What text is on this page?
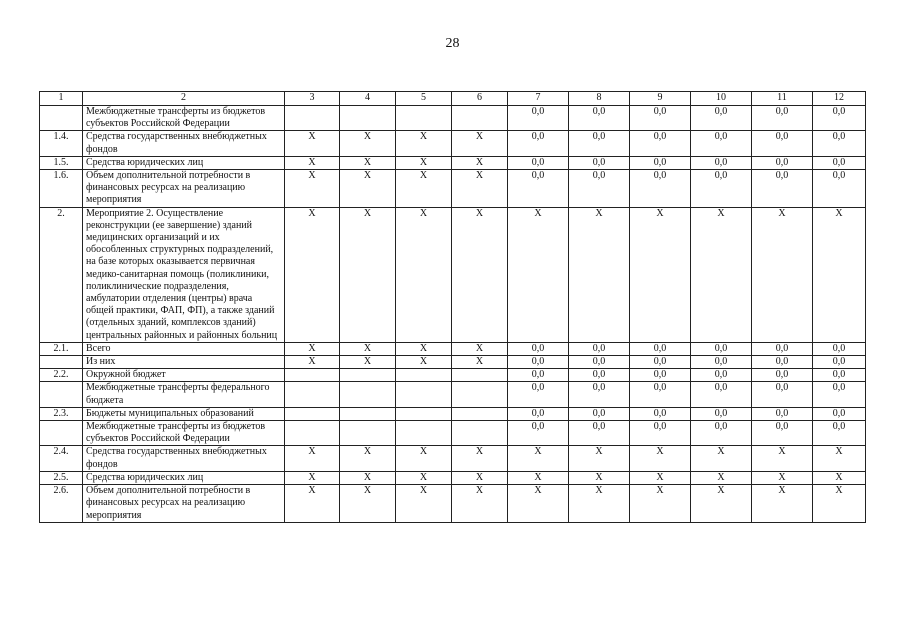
28
1	2	3	4	5	6	7	8	9	10	11	12
	Межбюджетные трансферты из бюджетов субъектов Российской Федерации					0,0	0,0	0,0	0,0	0,0	0,0
1.4.	Средства государственных внебюджетных фондов	Х	Х	Х	Х	0,0	0,0	0,0	0,0	0,0	0,0
1.5.	Средства юридических лиц	Х	Х	Х	Х	0,0	0,0	0,0	0,0	0,0	0,0
1.6.	Объем дополнительной потребности в финансовых ресурсах на реализацию мероприятия	Х	Х	Х	Х	0,0	0,0	0,0	0,0	0,0	0,0
2.	Мероприятие 2. Осуществление реконструкции (ее завершение) зданий медицинских организаций и их обособленных структурных подразделений, на базе которых оказывается первичная медико-санитарная помощь (поликлиники, поликлинические подразделения, амбулатории отделения (центры) врача общей практики, ФАП, ФП), а также зданий (отдельных зданий, комплексов зданий) центральных районных и районных больниц	Х	Х	Х	Х	Х	Х	Х	Х	Х	Х
2.1.	Всего	Х	Х	Х	Х	0,0	0,0	0,0	0,0	0,0	0,0
	Из них	Х	Х	Х	Х	0,0	0,0	0,0	0,0	0,0	0,0
2.2.	Окружной бюджет					0,0	0,0	0,0	0,0	0,0	0,0
	Межбюджетные трансферты федерального бюджета					0,0	0,0	0,0	0,0	0,0	0,0
2.3.	Бюджеты муниципальных образований					0,0	0,0	0,0	0,0	0,0	0,0
	Межбюджетные трансферты из бюджетов субъектов Российской Федерации					0,0	0,0	0,0	0,0	0,0	0,0
2.4.	Средства государственных внебюджетных фондов	Х	Х	Х	Х	Х	Х	Х	Х	Х	Х
2.5.	Средства юридических лиц	Х	Х	Х	Х	Х	Х	Х	Х	Х	Х
2.6.	Объем дополнительной потребности в финансовых ресурсах на реализацию мероприятия	Х	Х	Х	Х	Х	Х	Х	Х	Х	Х
